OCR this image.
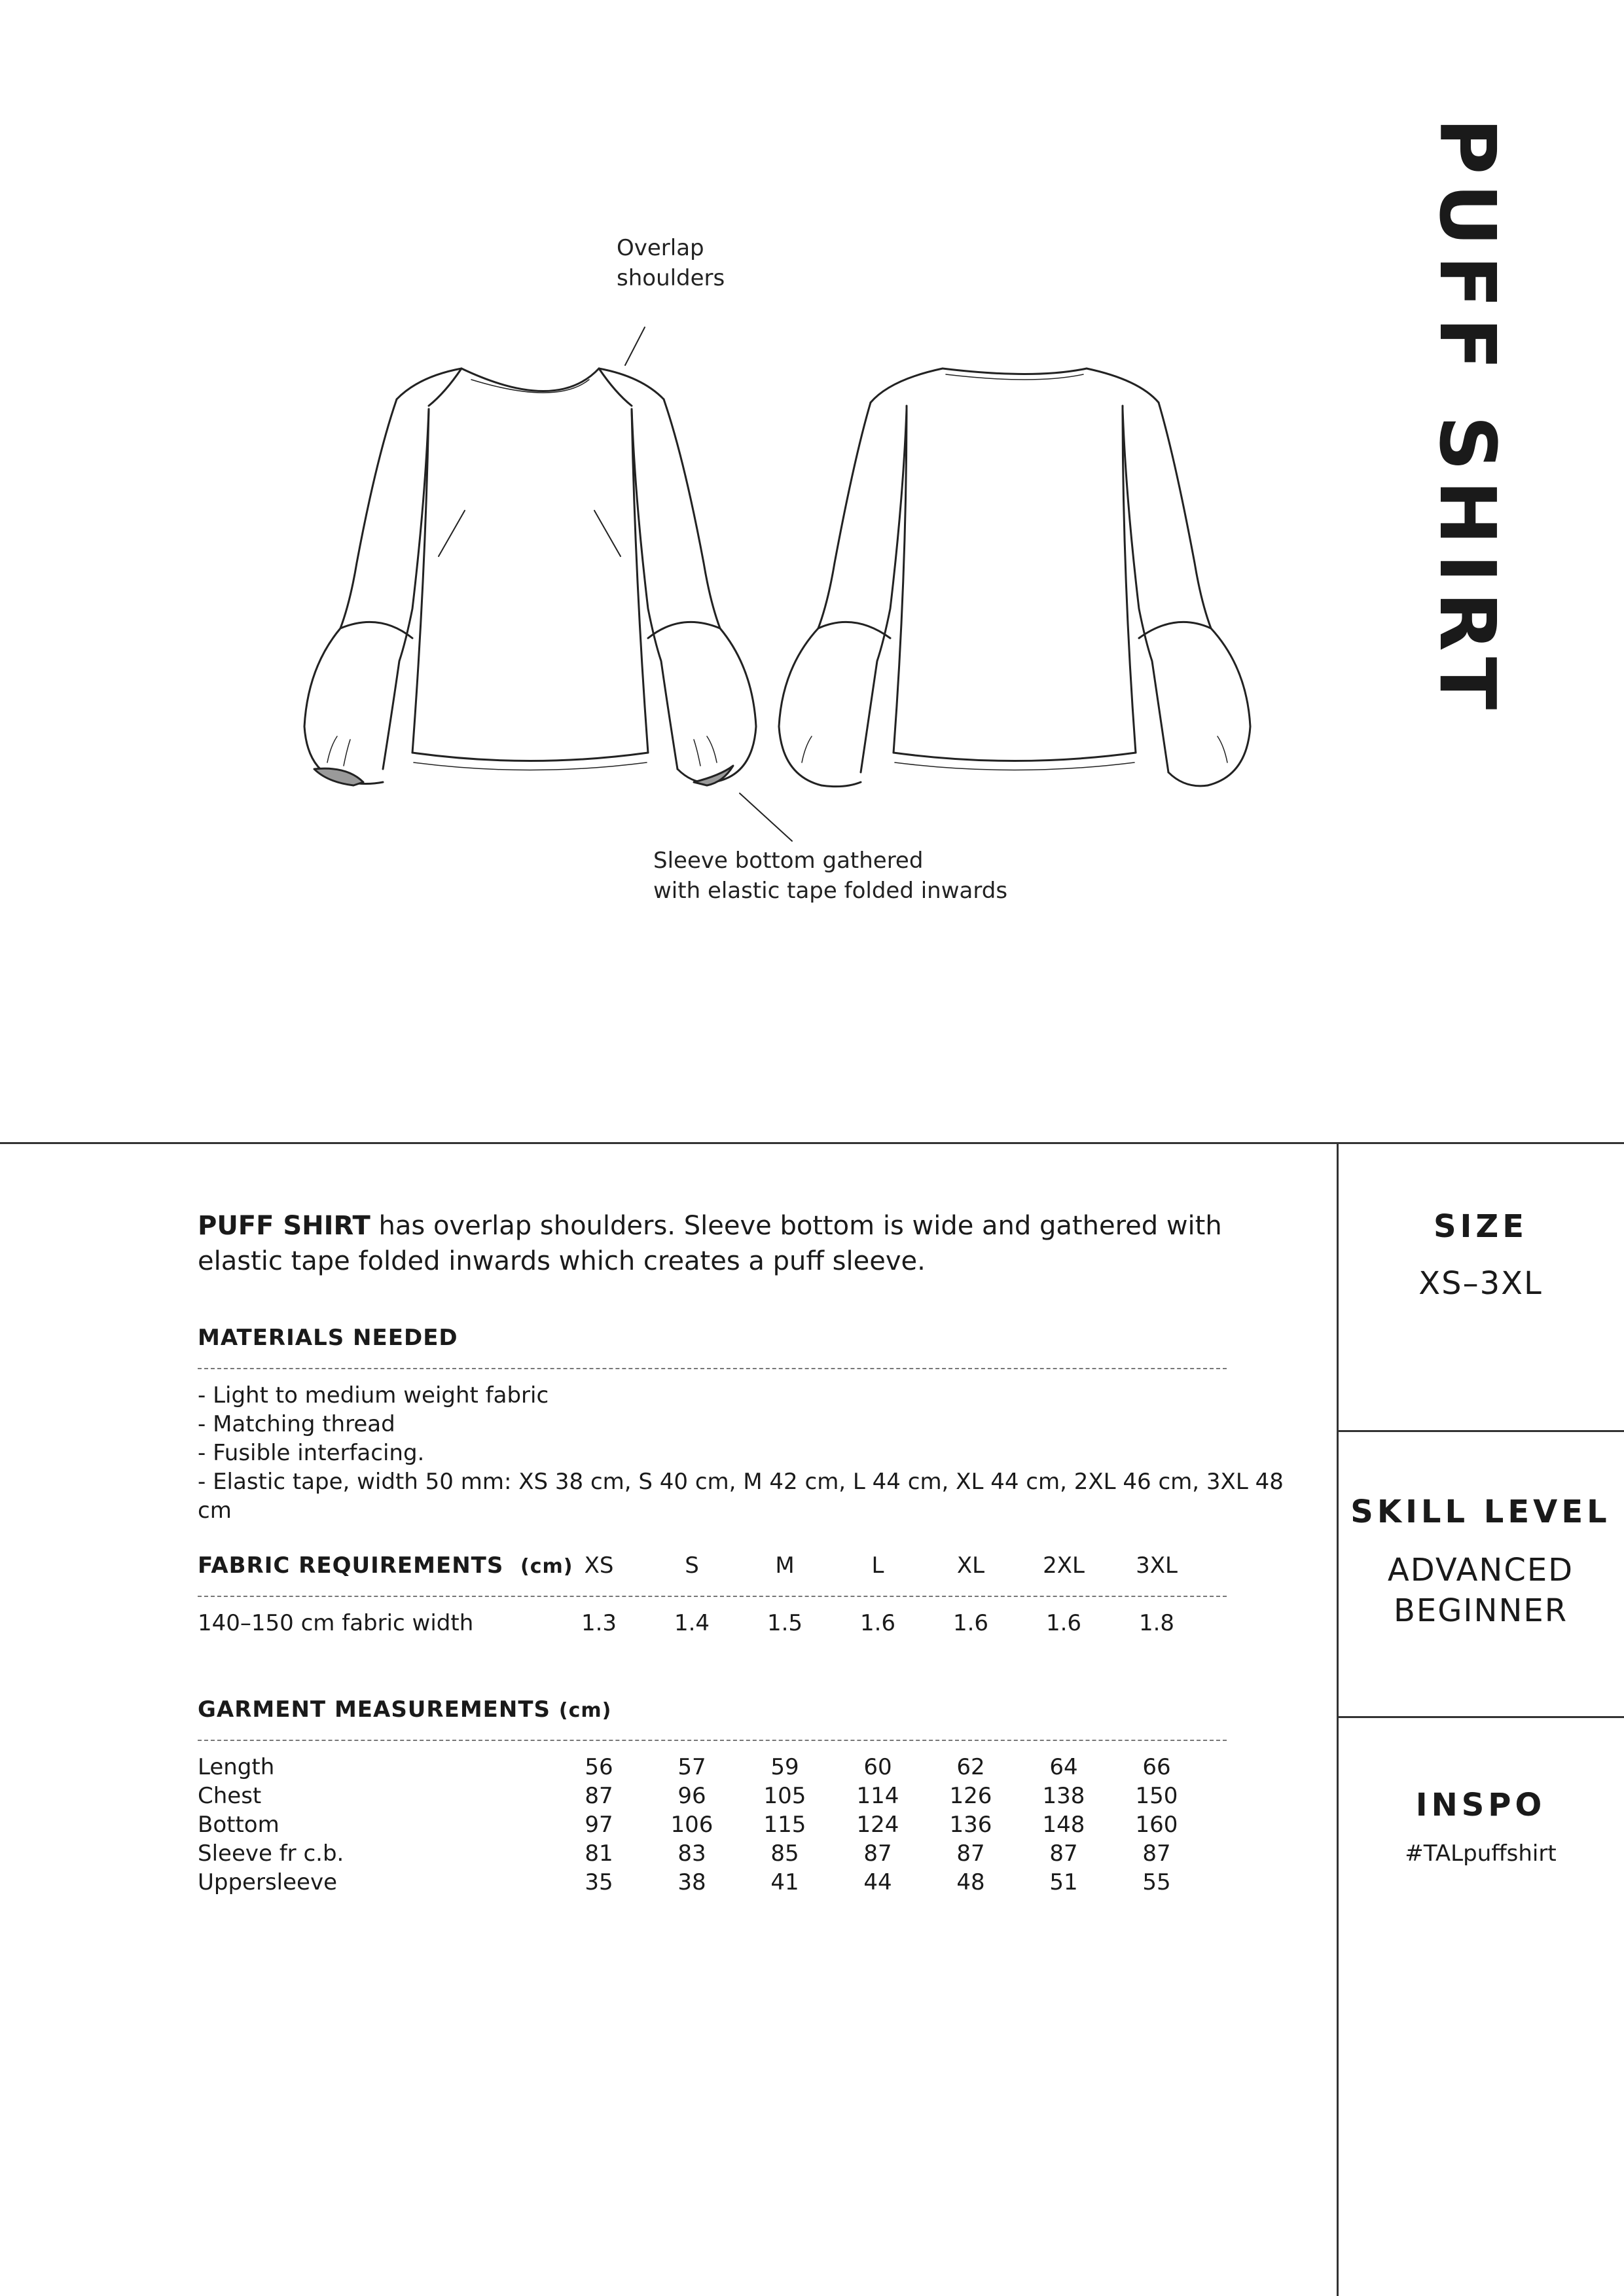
PUFF SHIRT
Overlap
shoulders
Sleeve bottom gathered
with elastic tape folded inwards
PUFF SHIRT has overlap shoulders. Sleeve bottom is wide and gathered with elastic tape folded inwards which creates a puff sleeve.
MATERIALS NEEDED
- Light to medium weight fabric
- Matching thread
- Fusible interfacing.
- Elastic tape, width 50 mm: XS 38 cm, S 40 cm, M 42 cm, L 44 cm, XL 44 cm, 2XL 46 cm, 3XL 48 cm
FABRIC REQUIREMENTS (cm) XS	S	M	L	XL	2XL	3XL
140–150 cm fabric width	1.3	1.4	1.5	1.6	1.6	1.6	1.8
GARMENT MEASUREMENTS (cm)
Length	56	57	59	60	62	64	66
Chest	87	96	105	114	126	138	150
Bottom	97	106	115	124	136	148	160
Sleeve fr c.b.	81	83	85	87	87	87	87
Uppersleeve	35	38	41	44	48	51	55
SIZE
XS–3XL
SKILL LEVEL
ADVANCED
BEGINNER
INSPO
#TALpuffshirt
